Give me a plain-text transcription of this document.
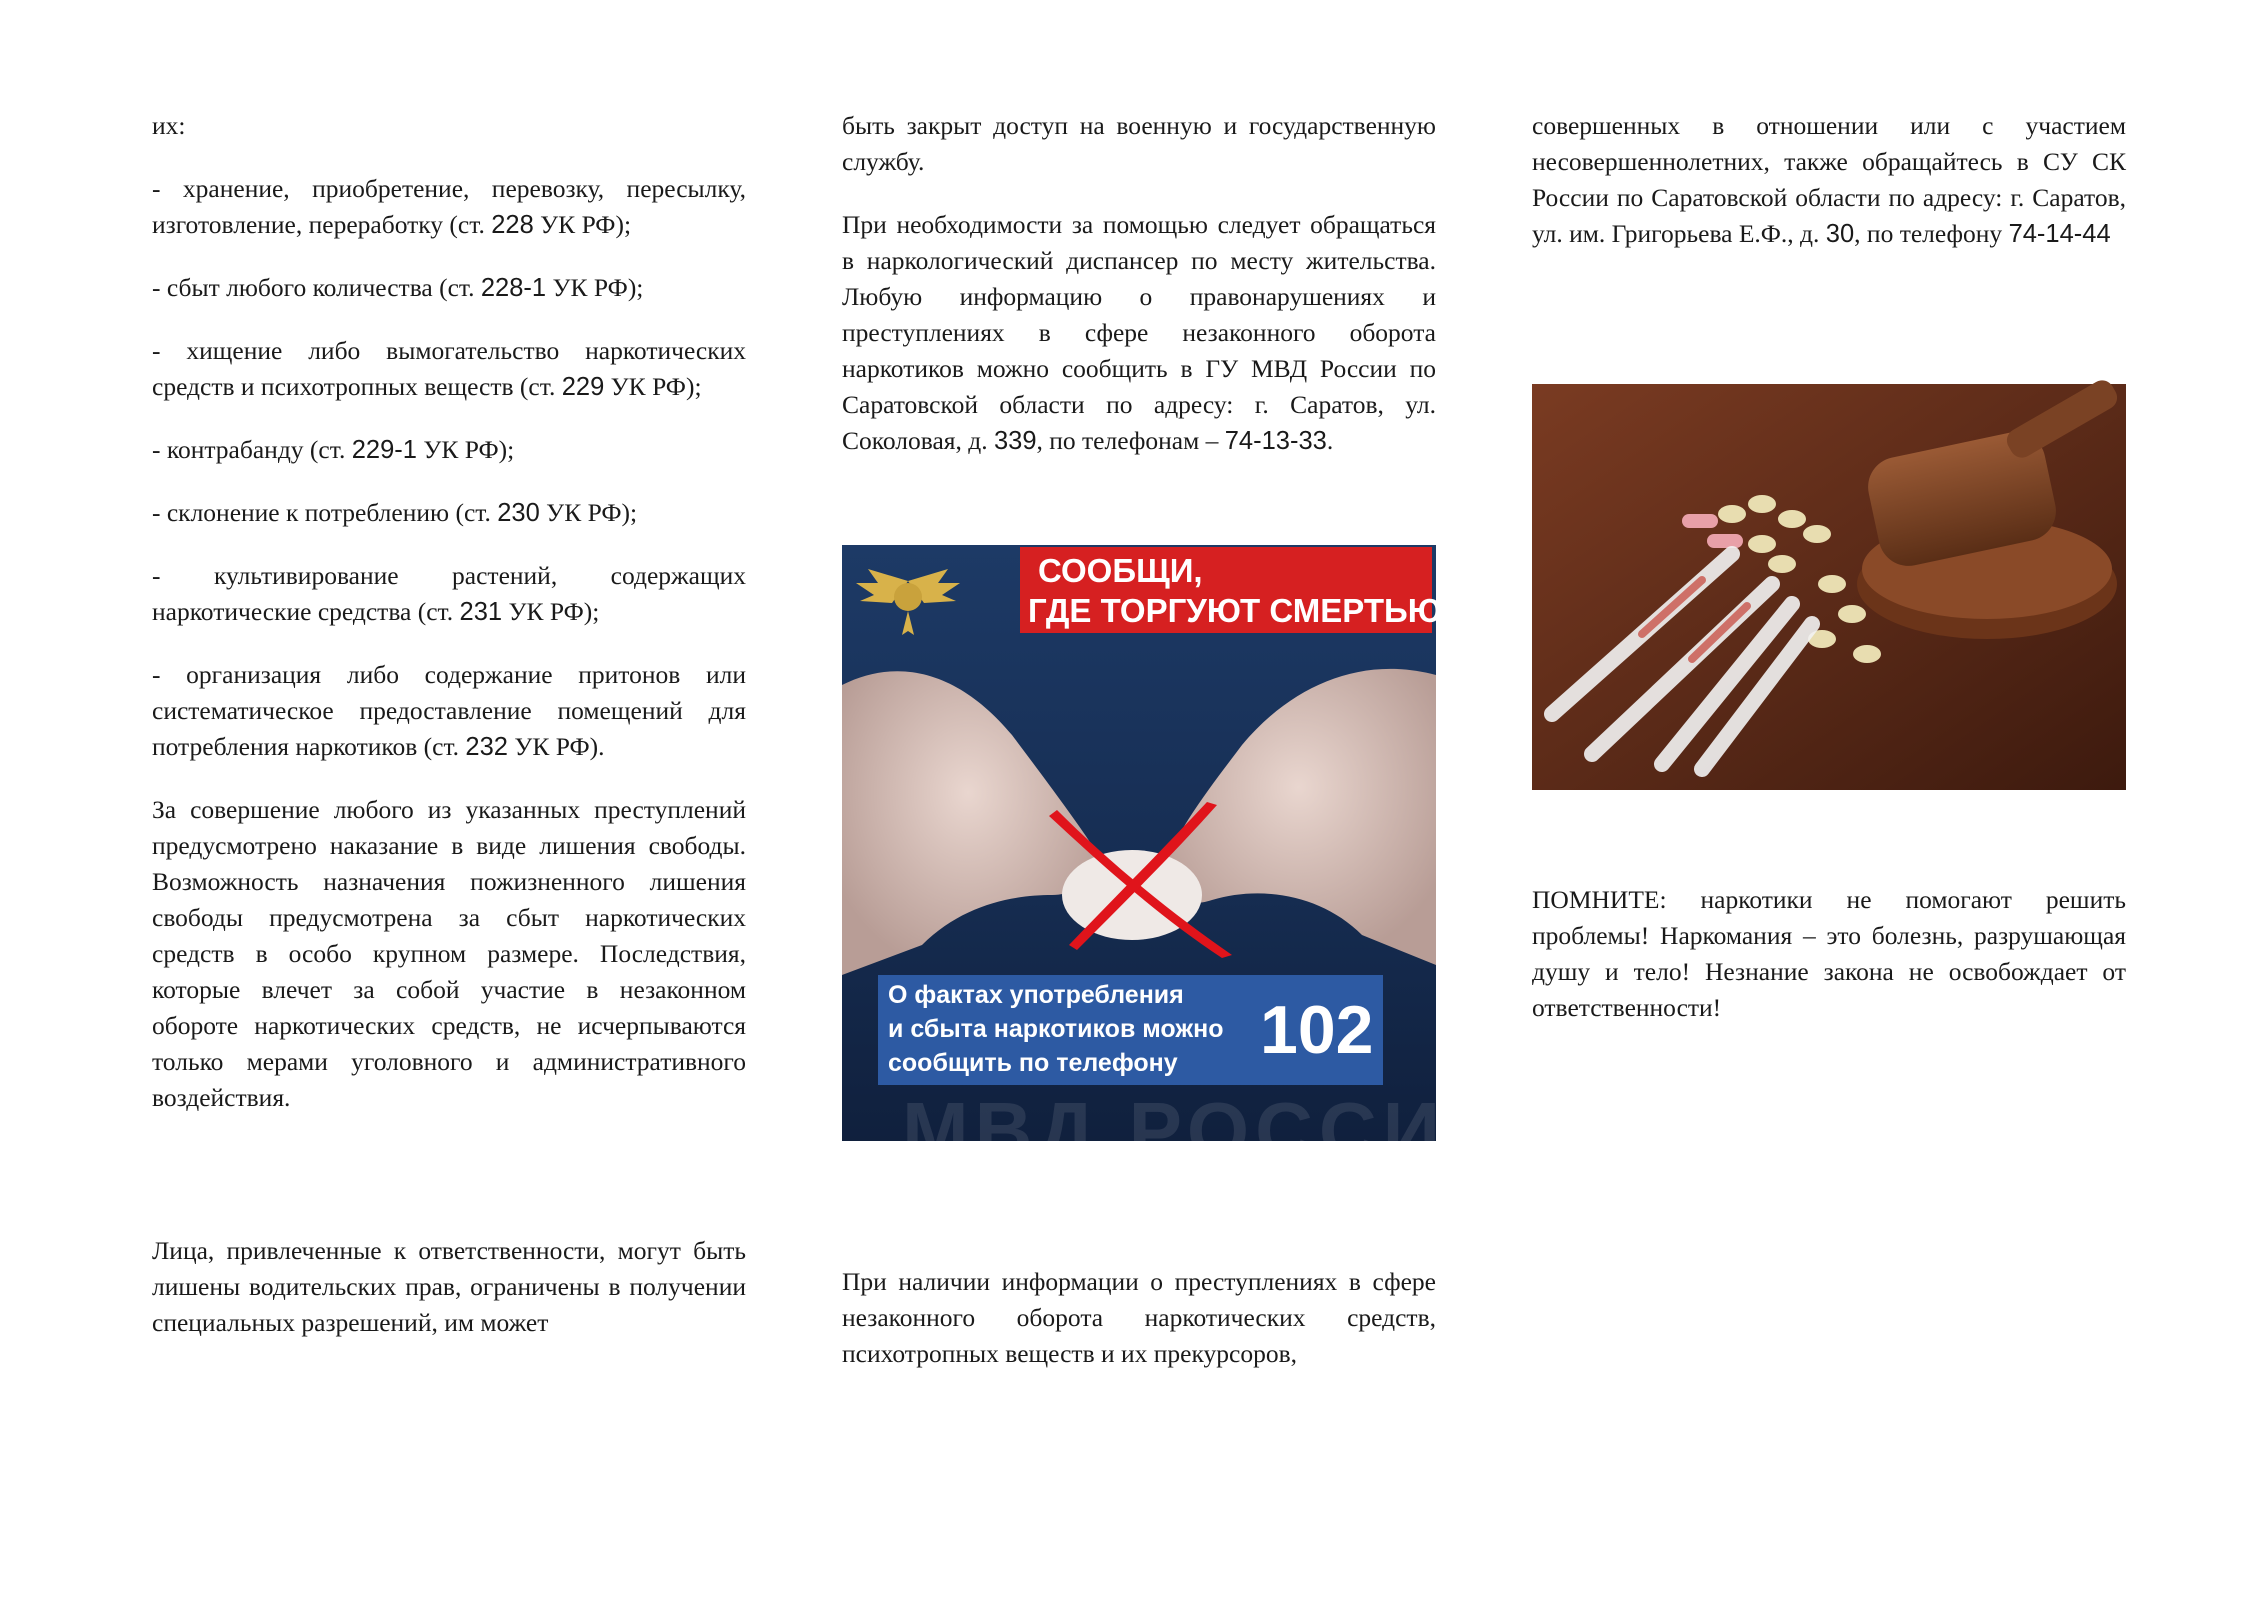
их:

- хранение, приобретение, перевозку, пересылку, изготовление, переработку (ст. 228 УК РФ);

- сбыт любого количества (ст. 228-1 УК РФ);

- хищение либо вымогательство наркотических средств и психотропных веществ (ст. 229 УК РФ);

- контрабанду (ст. 229-1 УК РФ);

- склонение к потреблению (ст. 230 УК РФ);

- культивирование растений, содержащих наркотические средства (ст. 231 УК РФ);

- организация либо содержание притонов или систематическое предоставление помещений для потребления наркотиков (ст. 232 УК РФ).

За совершение любого из указанных преступлений предусмотрено наказание в виде лишения свободы. Возможность назначения пожизненного лишения свободы предусмотрена за сбыт наркотических средств в особо крупном размере. Последствия, которые влечет за собой участие в незаконном обороте наркотических средств, не исчерпываются только мерами уголовного и административного воздействия.

Лица, привлеченные к ответственности, могут быть лишены водительских прав, ограничены в получении специальных разрешений, им может

быть закрыт доступ на военную и государственную службу.

При необходимости за помощью следует обращаться в наркологический диспансер по месту жительства. Любую информацию о правонарушениях и преступлениях в сфере незаконного оборота наркотиков можно сообщить в ГУ МВД России по Саратовской области по адресу: г. Саратов, ул. Соколовая, д. 339, по телефонам – 74-13-33.

СООБЩИ,
ГДЕ ТОРГУЮТ СМЕРТЬЮ!
О фактах употребления
и сбыта наркотиков можно
сообщить по телефону 102
МВД РОССИИ

При наличии информации о преступлениях в сфере незаконного оборота наркотических средств, психотропных веществ и их прекурсоров,

совершенных в отношении или с участием несовершеннолетних, также обращайтесь в СУ СК России по Саратовской области по адресу: г. Саратов, ул. им. Григорьева Е.Ф., д. 30, по телефону 74-14-44

ПОМНИТЕ: наркотики не помогают решить проблемы! Наркомания – это болезнь, разрушающая душу и тело! Незнание закона не освобождает от ответственности!
